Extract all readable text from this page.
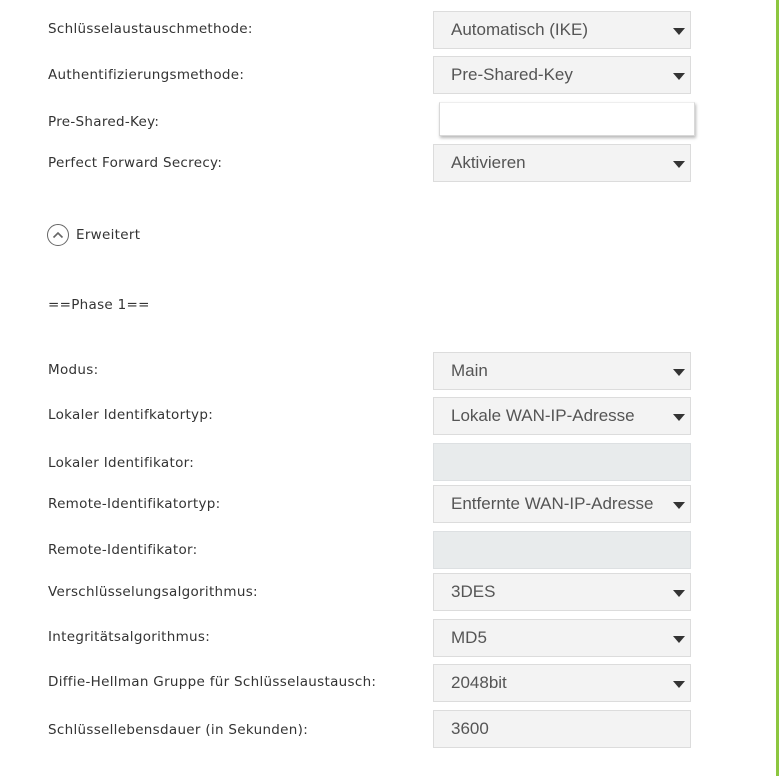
Schlüsselaustauschmethode:	Automatisch (IKE)
Authentifizierungsmethode:	Pre-Shared-Key
Pre-Shared-Key:
Perfect Forward Secrecy:	Aktivieren
Erweitert
==Phase 1==
Modus:	Main
Lokaler Identifkatortyp:	Lokale WAN-IP-Adresse
Lokaler Identifikator:
Remote-Identifikatortyp:	Entfernte WAN-IP-Adresse
Remote-Identifikator:
Verschlüsselungsalgorithmus:	3DES
Integritätsalgorithmus:	MD5
Diffie-Hellman Gruppe für Schlüsselaustausch:	2048bit
Schlüssellebensdauer (in Sekunden):	3600
